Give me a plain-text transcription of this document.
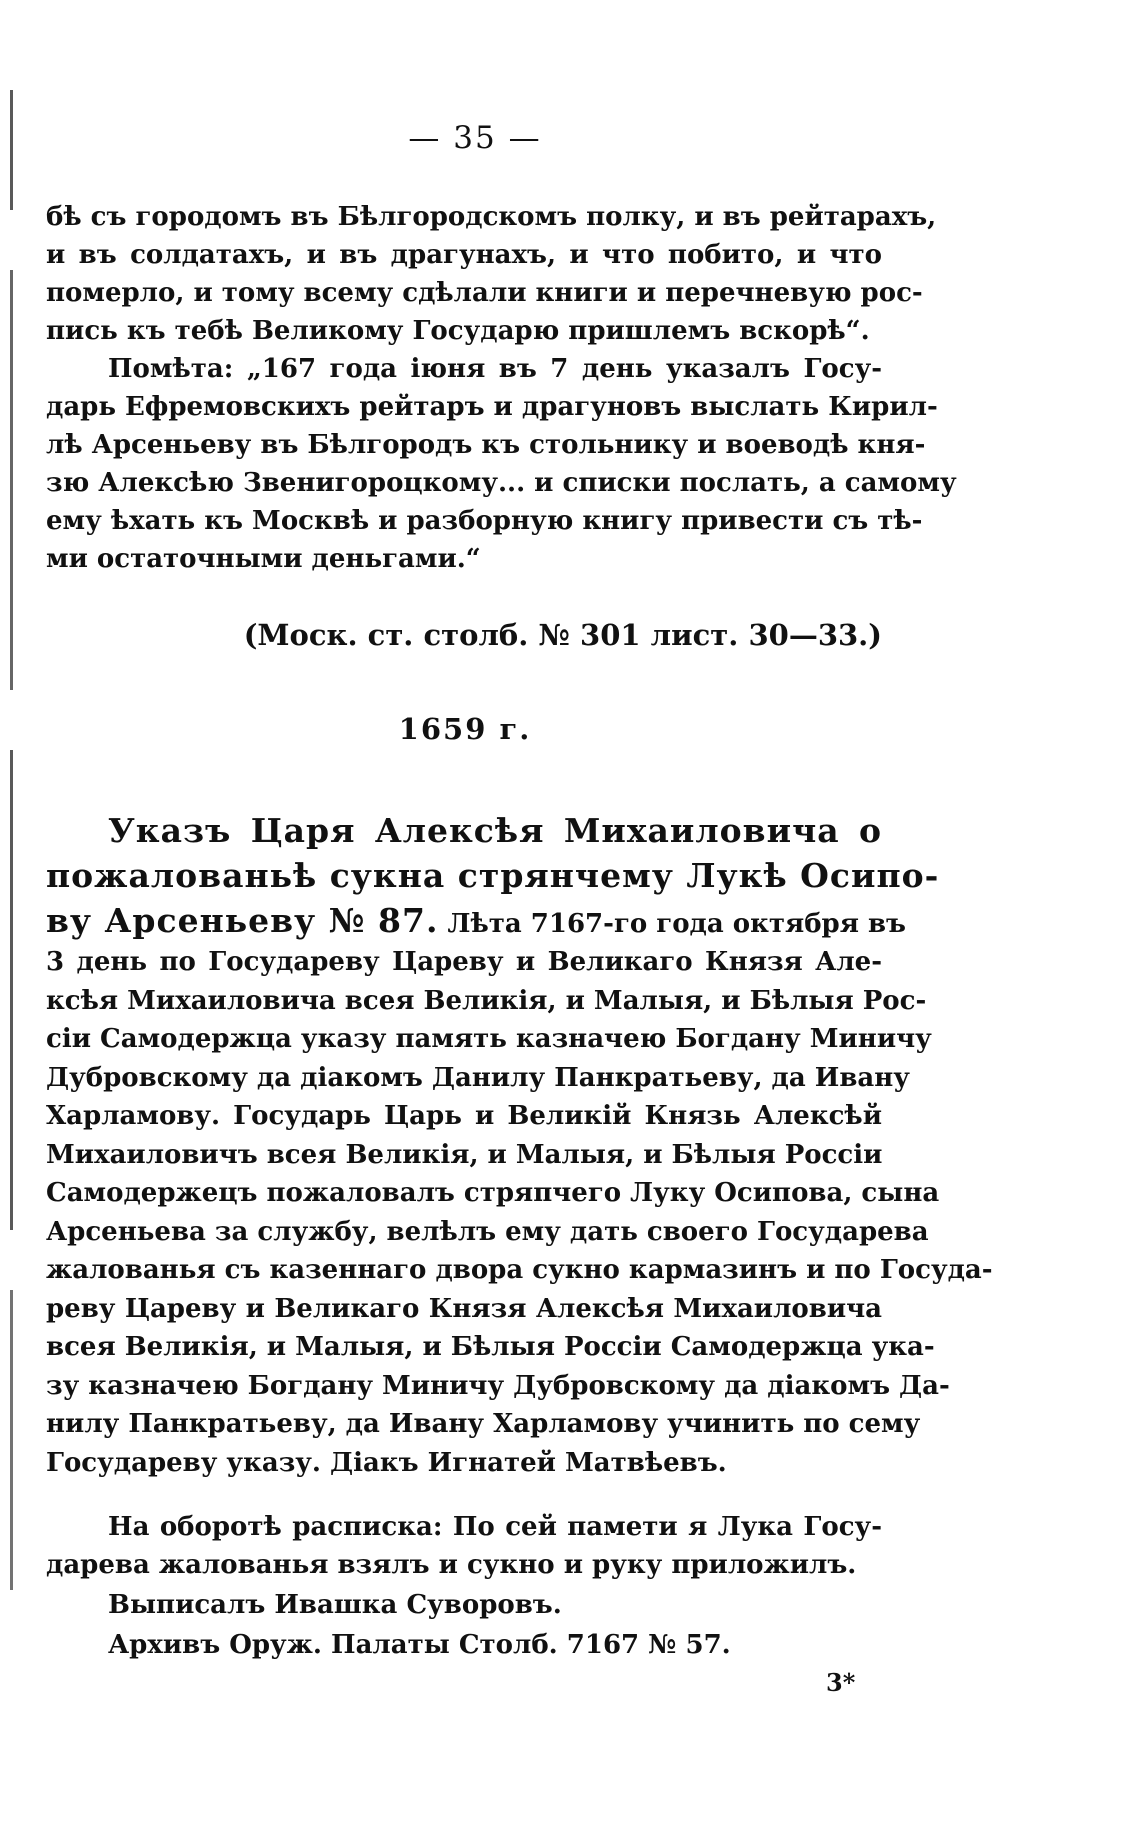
— 35 —
бѣ съ городомъ въ Бѣлгородскомъ полку, и въ рейтарахъ,
и въ солдатахъ, и въ драгунахъ, и что побито, и что
померло, и тому всему сдѣлали книги и перечневую рос-
пись къ тебѣ Великому Государю пришлемъ вскорѣ“.
Помѣта: „167 года іюня въ 7 день указалъ Госу-
дарь Ефремовскихъ рейтаръ и драгуновъ выслать Кирил-
лѣ Арсеньеву въ Бѣлгородъ къ стольнику и воеводѣ кня-
зю Алексѣю Звенигороцкому... и списки послать, а самому
ему ѣхать къ Москвѣ и разборную книгу привести съ тѣ-
ми остаточными деньгами.“
(Моск. ст. столб. № 301 лист. 30—33.)
1659 г.
Указъ Царя Алексѣя Михаиловича о
пожалованьѣ сукна стрянчему Лукѣ Осипо-
ву Арсеньеву № 87. Лѣта 7167-го года октября въ
3 день по Государеву Цареву и Великаго Князя Але-
ксѣя Михаиловича всея Великія, и Малыя, и Бѣлыя Рос-
сіи Самодержца указу память казначею Богдану Миничу
Дубровскому да діакомъ Данилу Панкратьеву, да Ивану
Харламову. Государь Царь и Великій Князь Алексѣй
Михаиловичъ всея Великія, и Малыя, и Бѣлыя Россіи
Самодержецъ пожаловалъ стряпчего Луку Осипова, сына
Арсеньева за службу, велѣлъ ему дать своего Государева
жалованья съ казеннаго двора сукно кармазинъ и по Госуда-
реву Цареву и Великаго Князя Алексѣя Михаиловича
всея Великія, и Малыя, и Бѣлыя Россіи Самодержца ука-
зу казначею Богдану Миничу Дубровскому да діакомъ Да-
нилу Панкратьеву, да Ивану Харламову учинить по сему
Государеву указу. Діакъ Игнатей Матвѣевъ.
На оборотѣ расписка: По сей памети я Лука Госу-
дарева жалованья взялъ и сукно и руку приложилъ.
Выписалъ Ивашка Суворовъ.
Архивъ Оруж. Палаты Столб. 7167 № 57.
3*
